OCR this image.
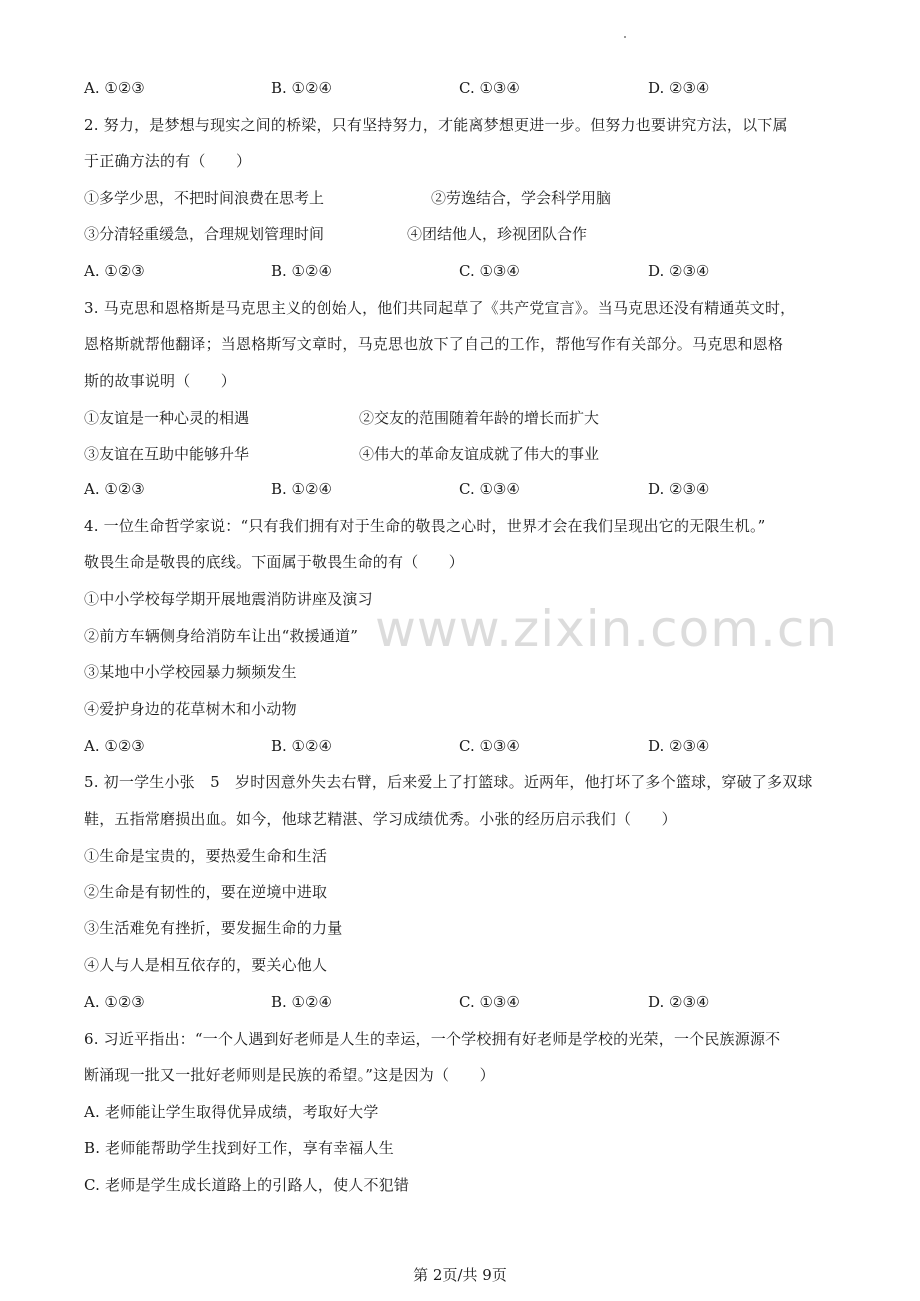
A. ①②③	B. ①②④	C. ①③④	D. ②③④
2. 努力，是梦想与现实之间的桥梁，只有坚持努力，才能离梦想更进一步。但努力也要讲究方法，以下属
于正确方法的有（　　）
①多学少思，不把时间浪费在思考上	②劳逸结合，学会科学用脑
③分清轻重缓急，合理规划管理时间	④团结他人，珍视团队合作
A. ①②③	B. ①②④	C. ①③④	D. ②③④
3. 马克思和恩格斯是马克思主义的创始人，他们共同起草了《共产党宣言》。当马克思还没有精通英文时，
恩格斯就帮他翻译；当恩格斯写文章时，马克思也放下了自己的工作，帮他写作有关部分。马克思和恩格
斯的故事说明（　　）
①友谊是一种心灵的相遇	②交友的范围随着年龄的增长而扩大
③友谊在互助中能够升华	④伟大的革命友谊成就了伟大的事业
A. ①②③	B. ①②④	C. ①③④	D. ②③④
4. 一位生命哲学家说：“只有我们拥有对于生命的敬畏之心时，世界才会在我们呈现出它的无限生机。”
敬畏生命是敬畏的底线。下面属于敬畏生命的有（　　）
①中小学校每学期开展地震消防讲座及演习
②前方车辆侧身给消防车让出“救援通道”
③某地中小学校园暴力频频发生
④爱护身边的花草树木和小动物
A. ①②③	B. ①②④	C. ①③④	D. ②③④
5. 初一学生小张　5　岁时因意外失去右臂，后来爱上了打篮球。近两年，他打坏了多个篮球，穿破了多双球
鞋，五指常磨损出血。如今，他球艺精湛、学习成绩优秀。小张的经历启示我们（　　）
①生命是宝贵的，要热爱生命和生活
②生命是有韧性的，要在逆境中进取
③生活难免有挫折，要发掘生命的力量
④人与人是相互依存的，要关心他人
A. ①②③	B. ①②④	C. ①③④	D. ②③④
6. 习近平指出：“一个人遇到好老师是人生的幸运，一个学校拥有好老师是学校的光荣，一个民族源源不
断涌现一批又一批好老师则是民族的希望。”这是因为（　　）
A. 老师能让学生取得优异成绩，考取好大学
B. 老师能帮助学生找到好工作，享有幸福人生
C. 老师是学生成长道路上的引路人，使人不犯错
www.zixin.com.cn
第 2页/共 9页
